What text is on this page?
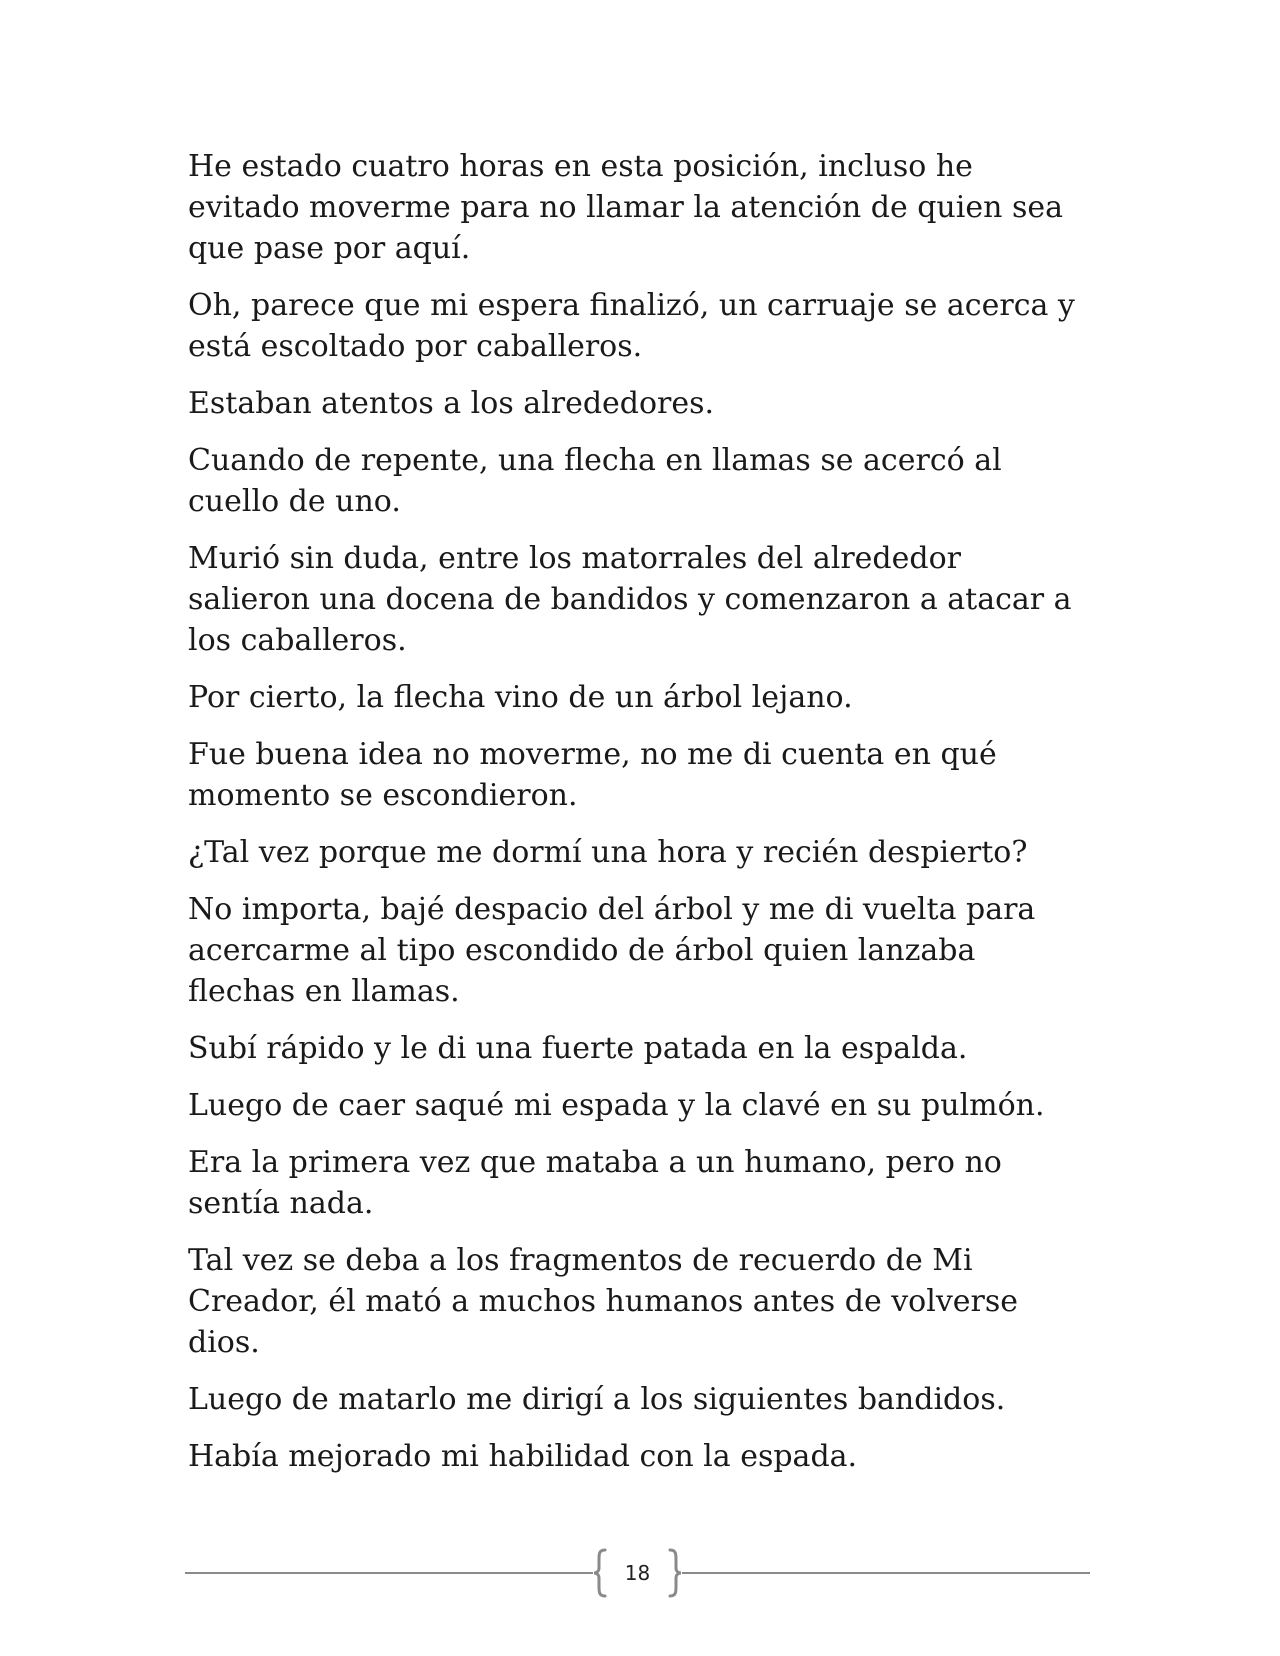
He estado cuatro horas en esta posición, incluso he evitado moverme para no llamar la atención de quien sea que pase por aquí.

Oh, parece que mi espera finalizó, un carruaje se acerca y está escoltado por caballeros.

Estaban atentos a los alrededores.

Cuando de repente, una flecha en llamas se acercó al cuello de uno.

Murió sin duda, entre los matorrales del alrededor salieron una docena de bandidos y comenzaron a atacar a los caballeros.

Por cierto, la flecha vino de un árbol lejano.

Fue buena idea no moverme, no me di cuenta en qué momento se escondieron.

¿Tal vez porque me dormí una hora y recién despierto?

No importa, bajé despacio del árbol y me di vuelta para acercarme al tipo escondido de árbol quien lanzaba flechas en llamas.

Subí rápido y le di una fuerte patada en la espalda.

Luego de caer saqué mi espada y la clavé en su pulmón.

Era la primera vez que mataba a un humano, pero no sentía nada.

Tal vez se deba a los fragmentos de recuerdo de Mi Creador, él mató a muchos humanos antes de volverse dios.

Luego de matarlo me dirigí a los siguientes bandidos.

Había mejorado mi habilidad con la espada.

18
